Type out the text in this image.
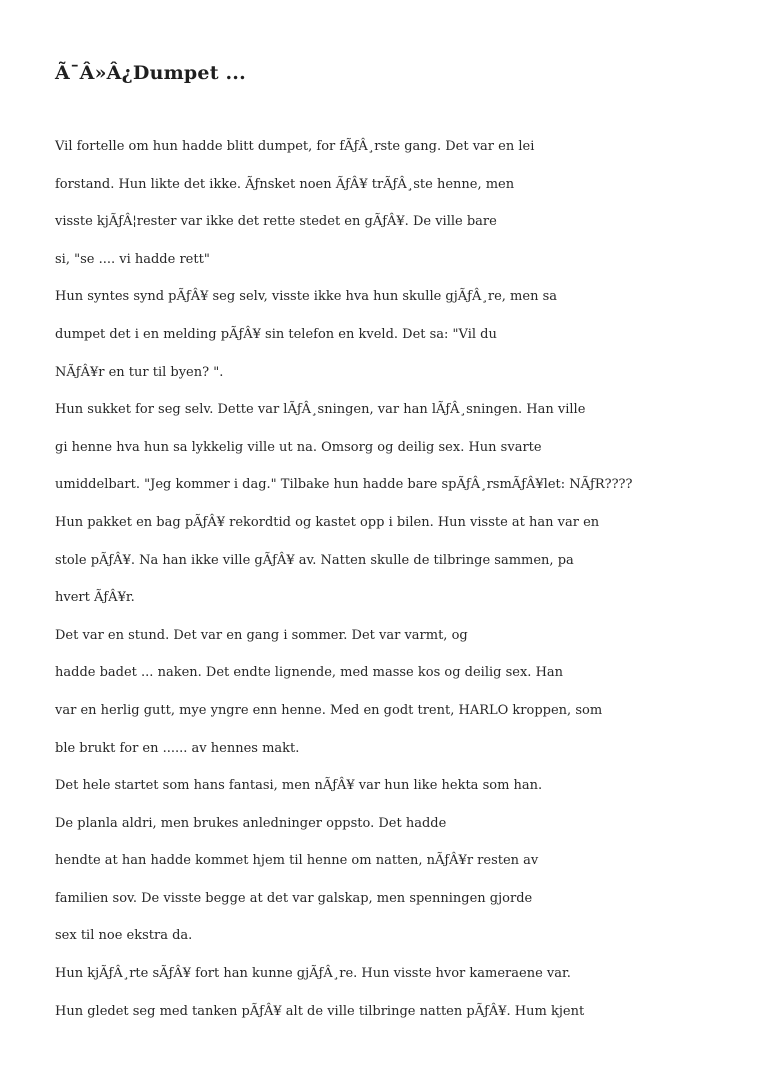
Ã¯Â»Â¿Dumpet ...
Vil fortelle om hun hadde blitt dumpet, for fÃƒÂ¸rste gang. Det var en lei
forstand. Hun likte det ikke. Ãƒnsket noen ÃƒÂ¥ trÃƒÂ¸ste henne, men
visste kjÃƒÂ¦rester var ikke det rette stedet en gÃƒÂ¥. De ville bare
si, "se .... vi hadde rett"
Hun syntes synd pÃƒÂ¥ seg selv, visste ikke hva hun skulle gjÃƒÂ¸re, men sa
dumpet det i en melding pÃƒÂ¥ sin telefon en kveld. Det sa: "Vil du
NÃƒÂ¥r en tur til byen? ".
Hun sukket for seg selv. Dette var lÃƒÂ¸sningen, var han lÃƒÂ¸sningen. Han ville
gi henne hva hun sa lykkelig ville ut na. Omsorg og deilig sex. Hun svarte
umiddelbart. "Jeg kommer i dag." Tilbake hun hadde bare spÃƒÂ¸rsmÃƒÂ¥let: NÃƒR????
Hun pakket en bag pÃƒÂ¥ rekordtid og kastet opp i bilen. Hun visste at han var en
stole pÃƒÂ¥. Na han ikke ville gÃƒÂ¥ av. Natten skulle de tilbringe sammen, pa
hvert ÃƒÂ¥r.
Det var en stund. Det var en gang i sommer. Det var varmt, og
hadde badet ... naken. Det endte lignende, med masse kos og deilig sex. Han
var en herlig gutt, mye yngre enn henne. Med en godt trent, HARLO kroppen, som
ble brukt for en ...... av hennes makt.
Det hele startet som hans fantasi, men nÃƒÂ¥ var hun like hekta som han.
De planla aldri, men brukes anledninger oppsto. Det hadde
hendte at han hadde kommet hjem til henne om natten, nÃƒÂ¥r resten av
familien sov. De visste begge at det var galskap, men spenningen gjorde
sex til noe ekstra da.
Hun kjÃƒÂ¸rte sÃƒÂ¥ fort han kunne gjÃƒÂ¸re. Hun visste hvor kameraene var.
Hun gledet seg med tanken pÃƒÂ¥ alt de ville tilbringe natten pÃƒÂ¥. Hum kjent
